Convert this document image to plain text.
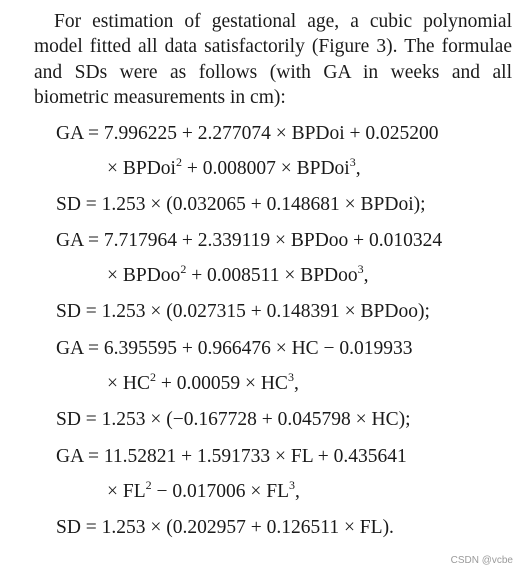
For estimation of gestational age, a cubic polynomial model fitted all data satisfactorily (Figure 3). The formulae and SDs were as follows (with GA in weeks and all biometric measurements in cm):

GA = 7.996225 + 2.277074 × BPDoi + 0.025200
× BPDoi$^2$ + 0.008007 × BPDoi$^3$,
SD = 1.253 × (0.032065 + 0.148681 × BPDoi);
GA = 7.717964 + 2.339119 × BPDoo + 0.010324
× BPDoo$^2$ + 0.008511 × BPDoo$^3$,
SD = 1.253 × (0.027315 + 0.148391 × BPDoo);
GA = 6.395595 + 0.966476 × HC − 0.019933
× $HC^2 + 0.00059 \times HC^3$,
SD = 1.253 × (−0.167728 + 0.045798 × HC);
GA = 11.52821 + 1.591733 × FL + 0.435641
× $FL^2 - 0.017006 \times FL^3$,
SD = 1.253 × (0.202957 + 0.126511 × FL).
CSDN @vcbe
